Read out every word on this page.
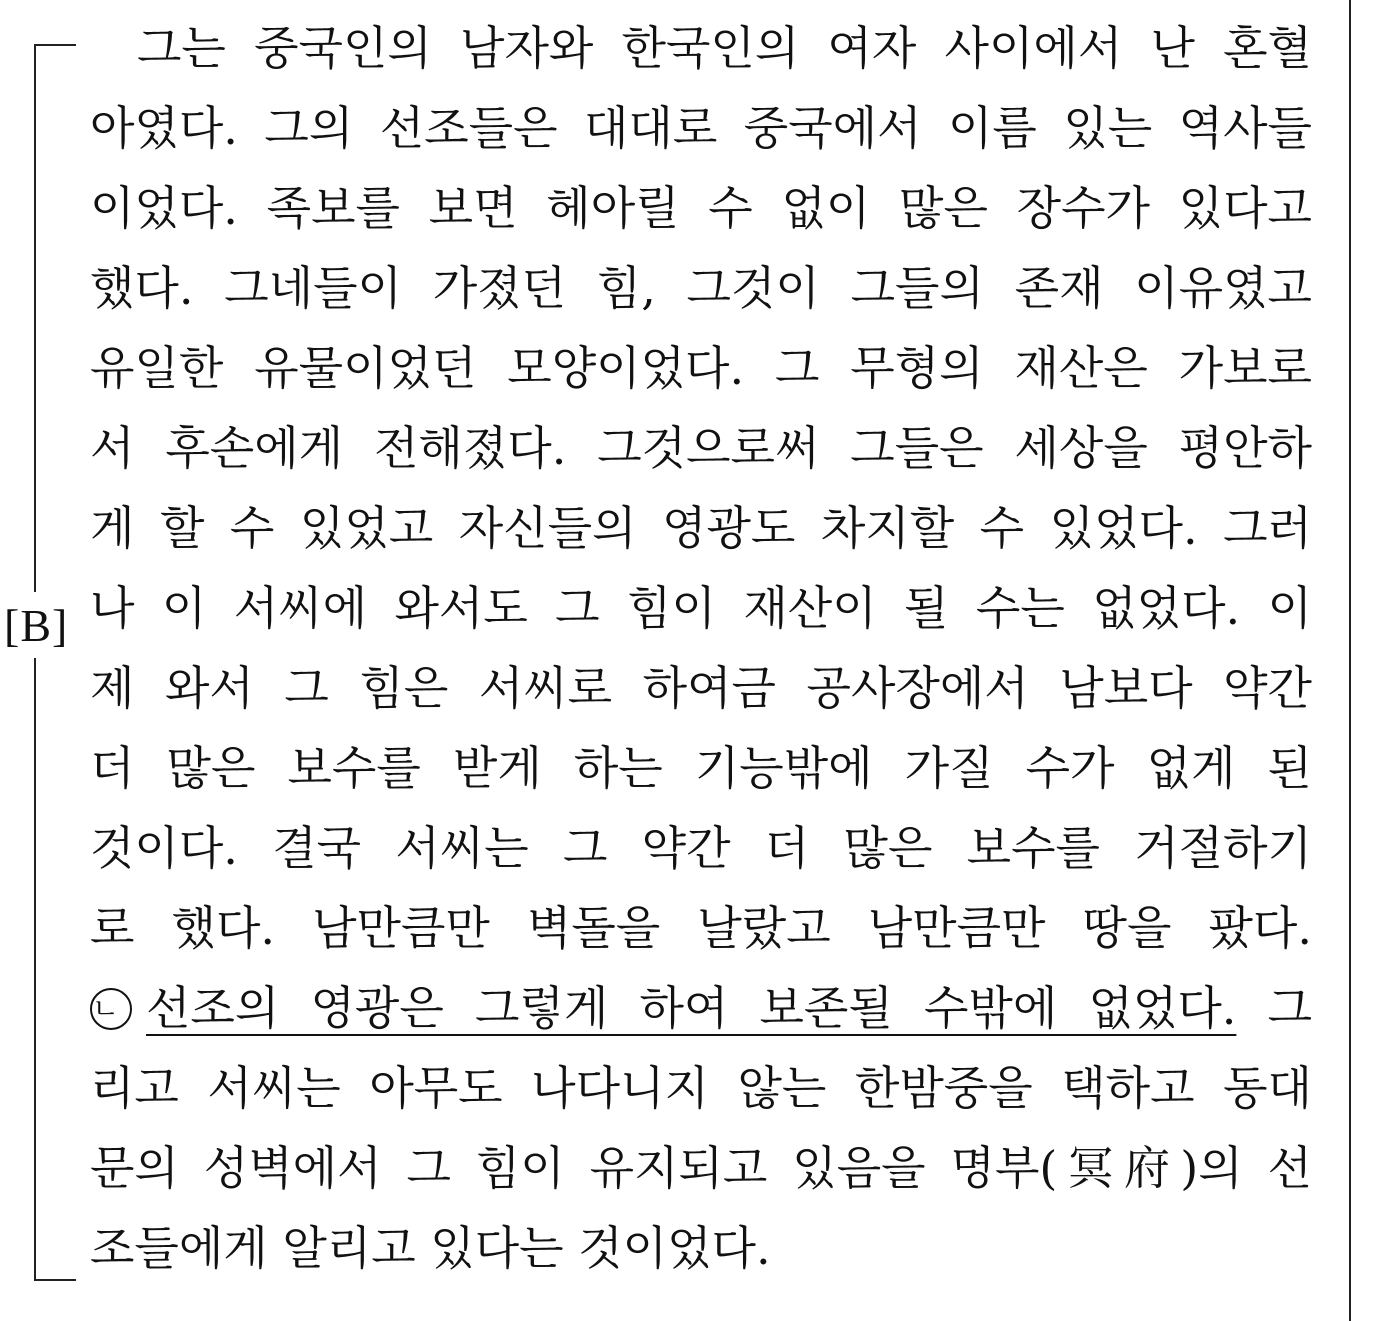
[B]
그는 중국인의 남자와 한국인의 여자 사이에서 난 혼혈
아였다. 그의 선조들은 대대로 중국에서 이름 있는 역사들
이었다. 족보를 보면 헤아릴 수 없이 많은 장수가 있다고
했다. 그네들이 가졌던 힘, 그것이 그들의 존재 이유였고
유일한 유물이었던 모양이었다. 그 무형의 재산은 가보로
서 후손에게 전해졌다. 그것으로써 그들은 세상을 평안하
게 할 수 있었고 자신들의 영광도 차지할 수 있었다. 그러
나 이 서씨에 와서도 그 힘이 재산이 될 수는 없었다. 이
제 와서 그 힘은 서씨로 하여금 공사장에서 남보다 약간
더 많은 보수를 받게 하는 기능밖에 가질 수가 없게 된
것이다. 결국 서씨는 그 약간 더 많은 보수를 거절하기
로 했다. 남만큼만 벽돌을 날랐고 남만큼만 땅을 팠다.
ㄴ 선조의 영광은 그렇게 하여 보존될 수밖에 없었다. 그
리고 서씨는 아무도 나다니지 않는 한밤중을 택하고 동대
문의 성벽에서 그 힘이 유지되고 있음을 명부(冥府)의 선
조들에게 알리고 있다는 것이었다.
